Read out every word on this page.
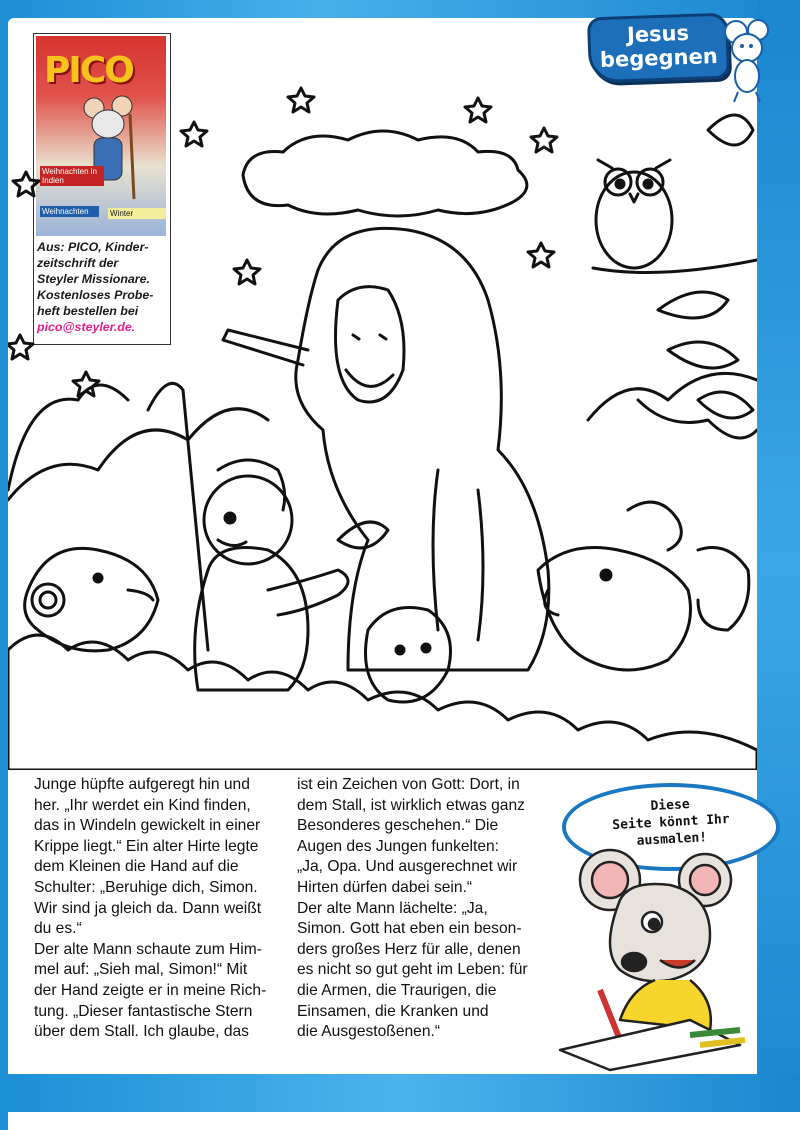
Jesus
begegnen
PICO
Weihnachten in Indien
Weihnachten	Winter
Aus: PICO, Kinder-
zeitschrift der
Steyler Missionare.
Kostenloses Probe-
heft bestellen bei
pico@steyler.de.
Junge hüpfte aufgeregt hin und
her. „Ihr werdet ein Kind finden,
das in Windeln gewickelt in einer
Krippe liegt.“ Ein alter Hirte legte
dem Kleinen die Hand auf die
Schulter: „Beruhige dich, Simon.
Wir sind ja gleich da. Dann weißt
du es.“
Der alte Mann schaute zum Him-
mel auf: „Sieh mal, Simon!“ Mit
der Hand zeigte er in meine Rich-
tung. „Dieser fantastische Stern
über dem Stall. Ich glaube, das
ist ein Zeichen von Gott: Dort, in
dem Stall, ist wirklich etwas ganz
Besonderes geschehen.“ Die
Augen des Jungen funkelten:
„Ja, Opa. Und ausgerechnet wir
Hirten dürfen dabei sein.“
Der alte Mann lächelte: „Ja,
Simon. Gott hat eben ein beson-
ders großes Herz für alle, denen
es nicht so gut geht im Leben: für
die Armen, die Traurigen, die
Einsamen, die Kranken und
die Ausgestoßenen.“
Diese
Seite könnt Ihr
ausmalen!
